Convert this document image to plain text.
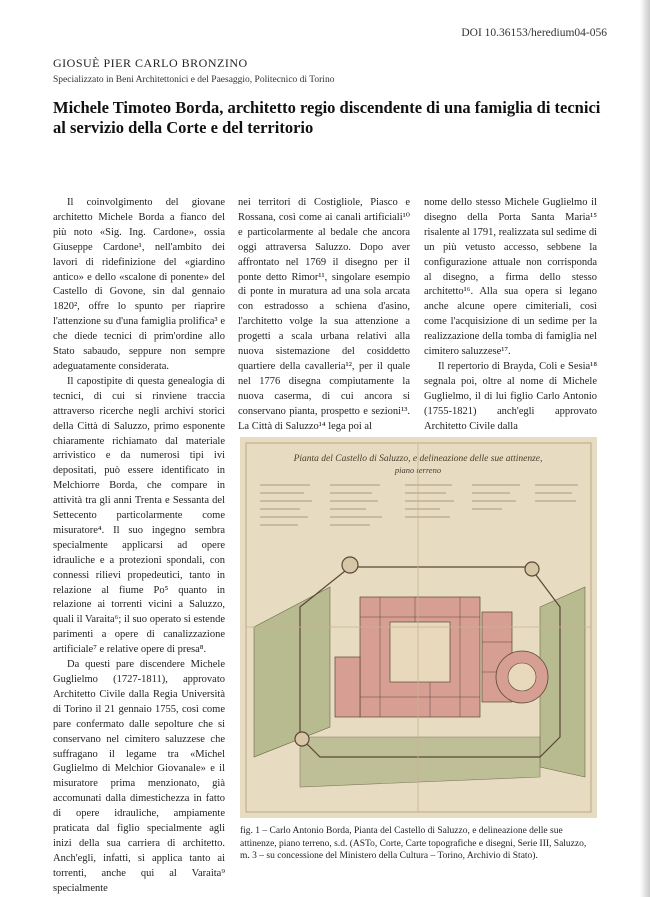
DOI 10.36153/heredium04-056
GIOSUÈ PIER CARLO BRONZINO
Specializzato in Beni Architettonici e del Paesaggio, Politecnico di Torino
Michele Timoteo Borda, architetto regio discendente di una famiglia di tecnici al servizio della Corte e del territorio

Il coinvolgimento del giovane architetto Michele Borda a fianco del più noto «Sig. Ing. Cardone», ossia Giuseppe Cardone¹, nell'ambito dei lavori di ridefinizione del «giardino antico» e dello «scalone di ponente» del Castello di Govone, sin dal gennaio 1820², offre lo spunto per riaprire l'attenzione su d'una famiglia prolifica³ e che diede tecnici di prim'ordine allo Stato sabaudo, seppure non sempre adeguatamente considerata.

Il capostipite di questa genealogia di tecnici, di cui si rinviene traccia attraverso ricerche negli archivi storici della Città di Saluzzo, primo esponente chiaramente richiamato dal materiale arrivistico e da numerosi tipi ivi depositati, può essere identificato in Melchiorre Borda, che compare in attività tra gli anni Trenta e Sessanta del Settecento particolarmente come misuratore⁴. Il suo ingegno sembra specialmente applicarsi ad opere idrauliche e a protezioni spondali, con connessi rilievi propedeutici, tanto in relazione al fiume Po⁵ quanto in relazione ai torrenti vicini a Saluzzo, quali il Varaita⁶; il suo operato si estende parimenti a opere di canalizzazione artificiale⁷ e relative opere di presa⁸.

Da questi pare discendere Michele Guglielmo (1727-1811), approvato Architetto Civile dalla Regia Università di Torino il 21 gennaio 1755, così come pare confermato dalle sepolture che si conservano nel cimitero saluzzese che suffragano il legame tra «Michel Guglielmo di Melchior Giovanale» e il misuratore prima menzionato, già accomunati dalla dimestichezza in fatto di opere idrauliche, ampiamente praticata dal figlio specialmente agli inizi della sua carriera di architetto. Anch'egli, infatti, si applica tanto ai torrenti, anche qui al Varaita⁹ specialmente

nei territori di Costigliole, Piasco e Rossana, così come ai canali artificiali¹⁰ e particolarmente al bedale che ancora oggi attraversa Saluzzo. Dopo aver affrontato nel 1769 il disegno per il ponte detto Rimor¹¹, singolare esempio di ponte in muratura ad una sola arcata con estradosso a schiena d'asino, l'architetto volge la sua attenzione a progetti a scala urbana relativi alla nuova sistemazione del cosiddetto quartiere della cavalleria¹², per il quale nel 1776 disegna compiutamente la nuova caserma, di cui ancora si conservano pianta, prospetto e sezioni¹³. La Città di Saluzzo¹⁴ lega poi al

nome dello stesso Michele Guglielmo il disegno della Porta Santa Maria¹⁵ risalente al 1791, realizzata sul sedime di un più vetusto accesso, sebbene la configurazione attuale non corrisponda al disegno, a firma dello stesso architetto¹⁶. Alla sua opera si legano anche alcune opere cimiteriali, così come l'acquisizione di un sedime per la realizzazione della tomba di famiglia nel cimitero saluzzese¹⁷.

Il repertorio di Brayda, Coli e Sesia¹⁸ segnala poi, oltre al nome di Michele Guglielmo, il di lui figlio Carlo Antonio (1755-1821) anch'egli approvato Architetto Civile dalla

Pianta del Castello di Saluzzo, e delineazione delle sue attinenze,
piano terreno

fig. 1 – Carlo Antonio Borda, Pianta del Castello di Saluzzo, e delineazione delle sue attinenze, piano terreno, s.d. (ASTo, Corte, Carte topografiche e disegni, Serie III, Saluzzo, m. 3 – su concessione del Ministero della Cultura – Torino, Archivio di Stato).
